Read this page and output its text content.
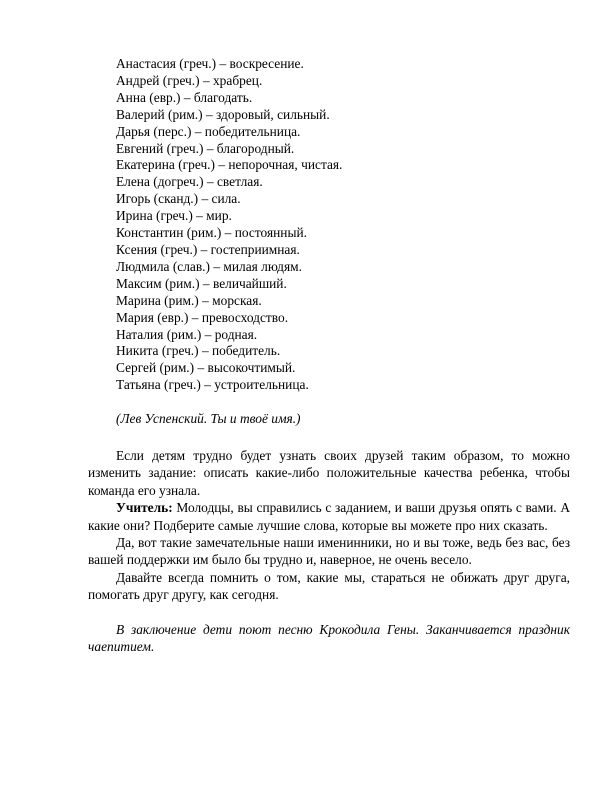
Анастасия (греч.) – воскресение.
Андрей (греч.) – храбрец.
Анна (евр.) – благодать.
Валерий (рим.) – здоровый, сильный.
Дарья (перс.) – победительница.
Евгений (греч.) – благородный.
Екатерина (греч.) – непорочная, чистая.
Елена (догреч.) – светлая.
Игорь (сканд.) – сила.
Ирина (греч.) – мир.
Константин (рим.) – постоянный.
Ксения (греч.) – гостеприимная.
Людмила (слав.) – милая людям.
Максим (рим.) – величайший.
Марина (рим.) – морская.
Мария (евр.) – превосходство.
Наталия (рим.) – родная.
Никита (греч.) – победитель.
Сергей (рим.) – высокочтимый.
Татьяна (греч.) – устроительница.
(Лев Успенский. Ты и твоё имя.)

Если детям трудно будет узнать своих друзей таким образом, то можно изменить задание: описать какие-либо положительные качества ребенка, чтобы команда его узнала.

Учитель: Молодцы, вы справились с заданием, и ваши друзья опять с вами. А какие они? Подберите самые лучшие слова, которые вы можете про них сказать.

Да, вот такие замечательные наши именинники, но и вы тоже, ведь без вас, без вашей поддержки им было бы трудно и, наверное, не очень весело.

Давайте всегда помнить о том, какие мы, стараться не обижать друг друга, помогать друг другу, как сегодня.

В заключение дети поют песню Крокодила Гены. Заканчивается праздник чаепитием.
